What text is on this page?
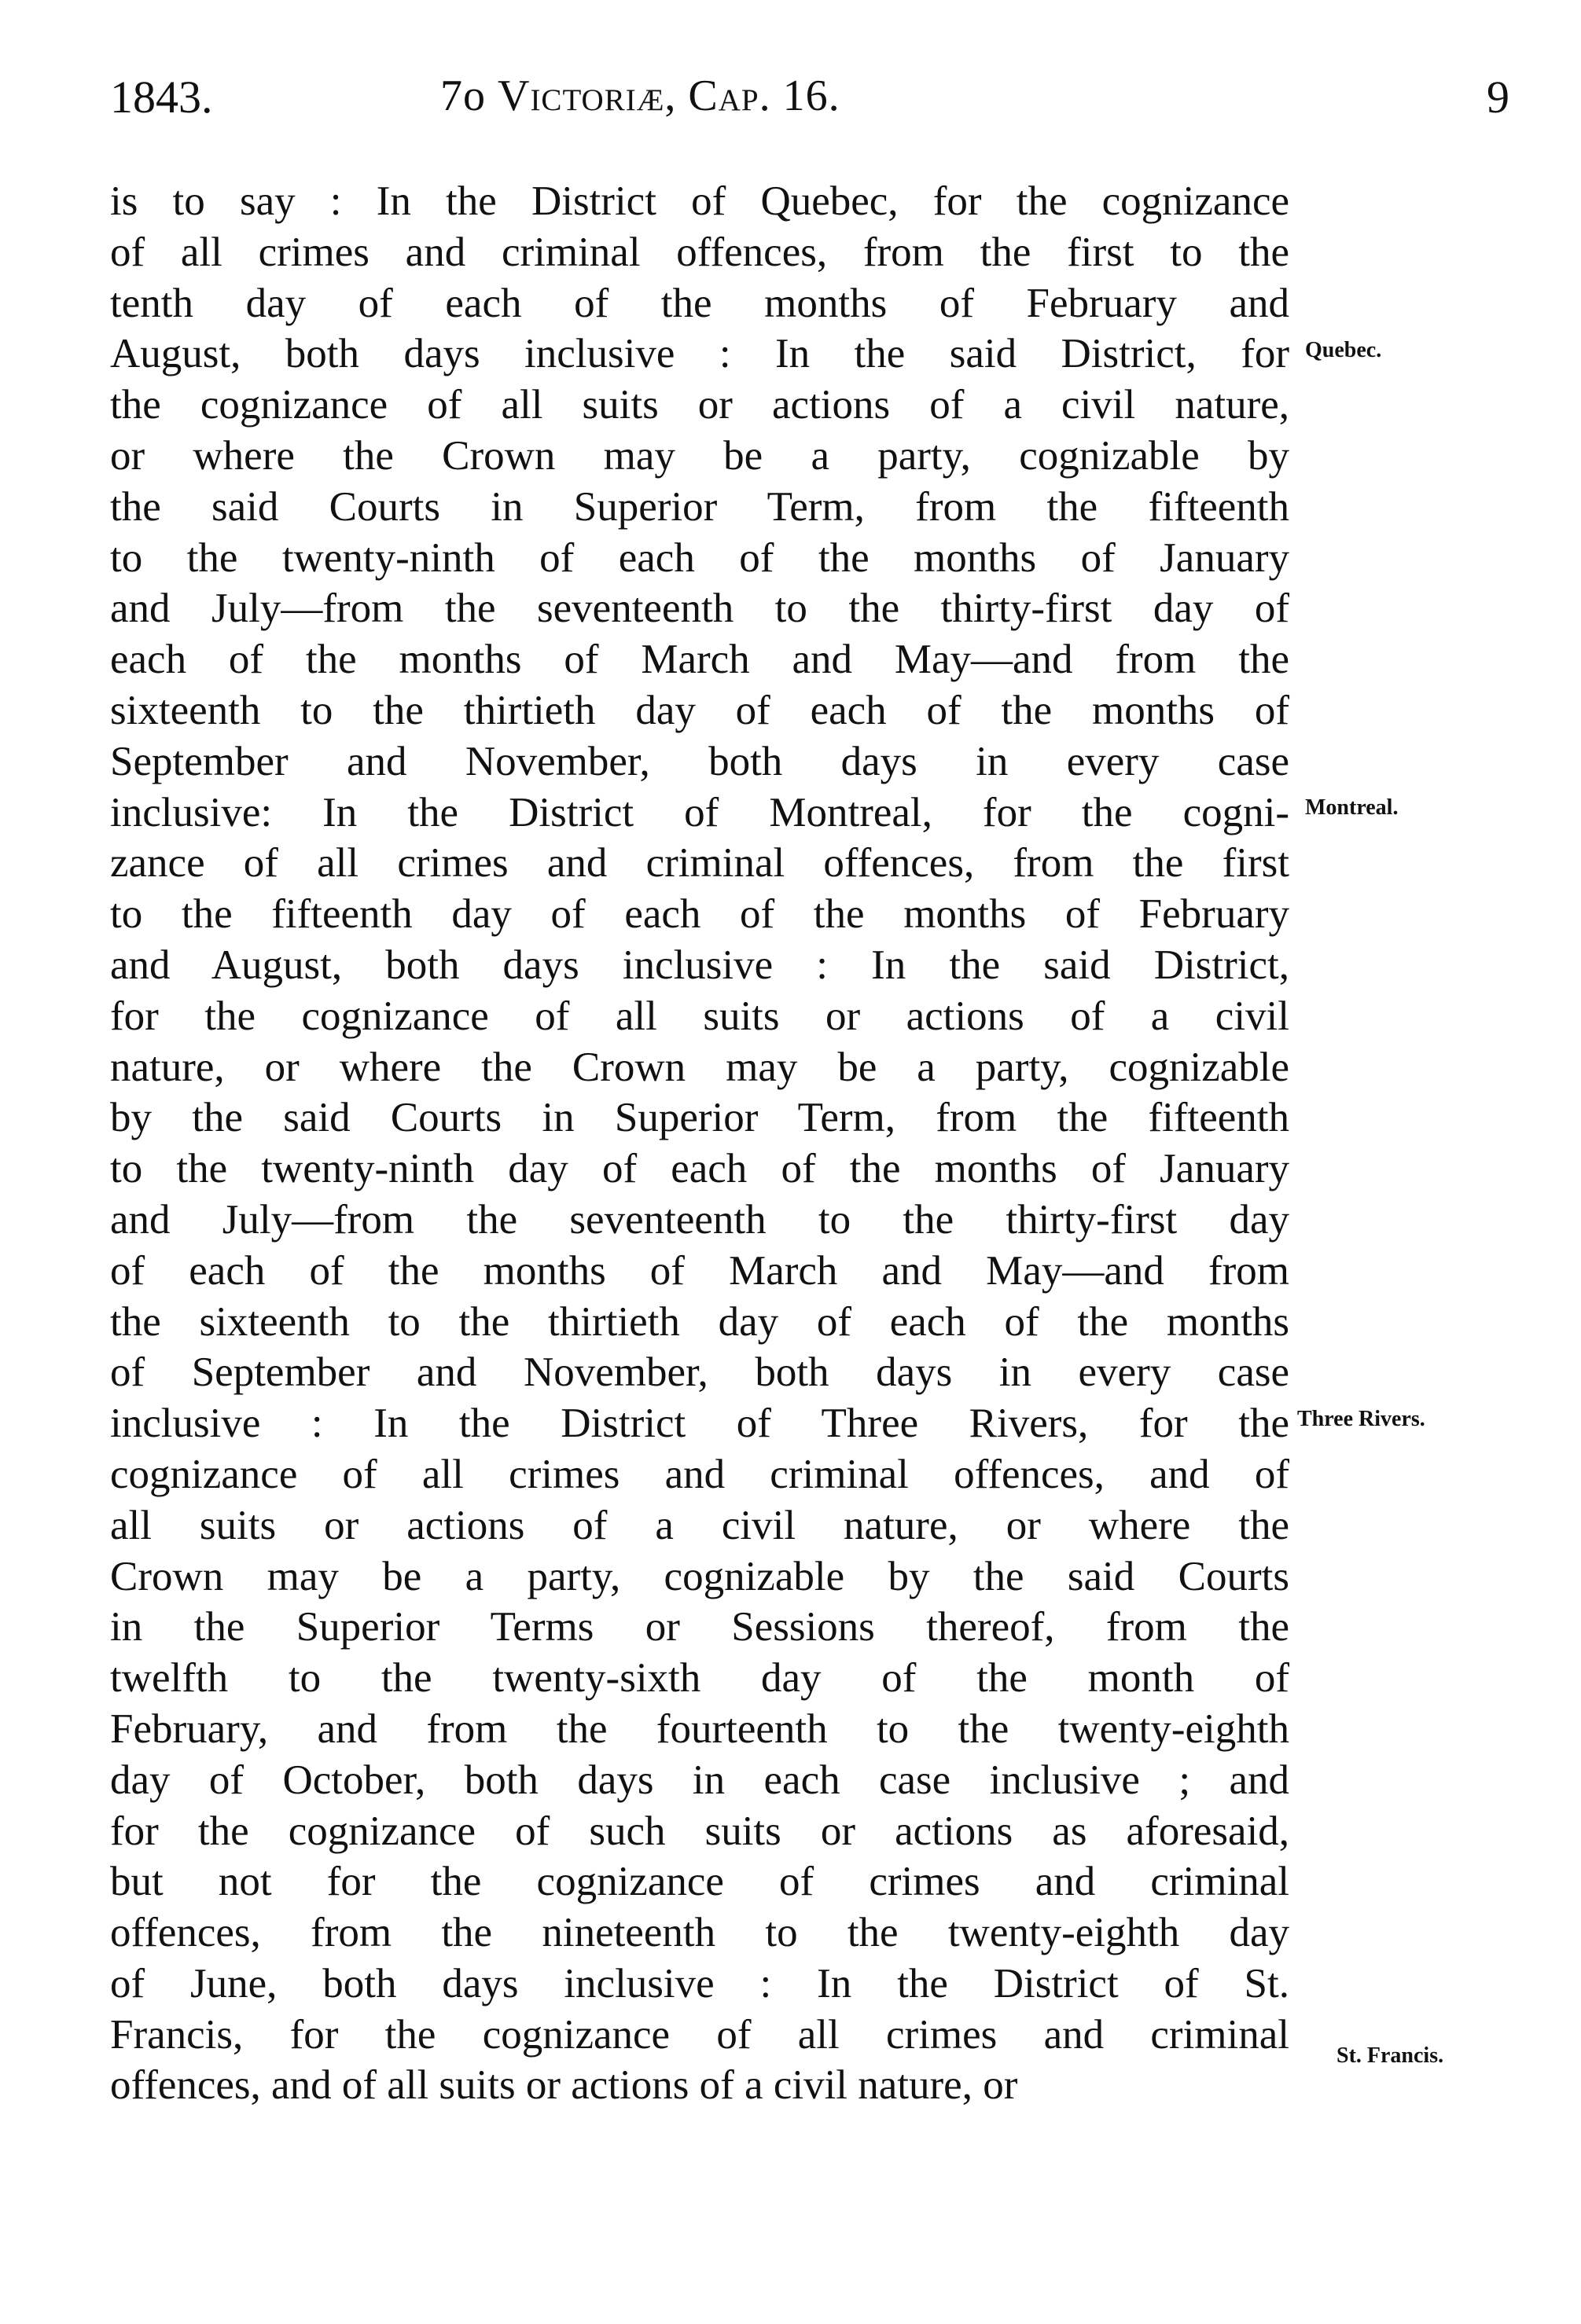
1843.	7o Victoriæ, Cap. 16.	9
is to say : In the District of Quebec, for the cognizance
of all crimes and criminal offences, from the first to the
tenth day of each of the months of February and
August, both days inclusive : In the said District, for
the cognizance of all suits or actions of a civil nature,
or where the Crown may be a party, cognizable by
the said Courts in Superior Term, from the fifteenth
to the twenty-ninth of each of the months of January
and July—from the seventeenth to the thirty-first day of
each of the months of March and May—and from the
sixteenth to the thirtieth day of each of the months of
September and November, both days in every case
inclusive: In the District of Montreal, for the cogni-
zance of all crimes and criminal offences, from the first
to the fifteenth day of each of the months of February
and August, both days inclusive : In the said District,
for the cognizance of all suits or actions of a civil
nature, or where the Crown may be a party, cognizable
by the said Courts in Superior Term, from the fifteenth
to the twenty-ninth day of each of the months of January
and July—from the seventeenth to the thirty-first day
of each of the months of March and May—and from
the sixteenth to the thirtieth day of each of the months
of September and November, both days in every case
inclusive : In the District of Three Rivers, for the
cognizance of all crimes and criminal offences, and of
all suits or actions of a civil nature, or where the
Crown may be a party, cognizable by the said Courts
in the Superior Terms or Sessions thereof, from the
twelfth to the twenty-sixth day of the month of
February, and from the fourteenth to the twenty-eighth
day of October, both days in each case inclusive ; and
for the cognizance of such suits or actions as aforesaid,
but not for the cognizance of crimes and criminal
offences, from the nineteenth to the twenty-eighth day
of June, both days inclusive : In the District of St.
Francis, for the cognizance of all crimes and criminal
offences, and of all suits or actions of a civil nature, or
Quebec.
Montreal.
Three Rivers.
St. Francis.
